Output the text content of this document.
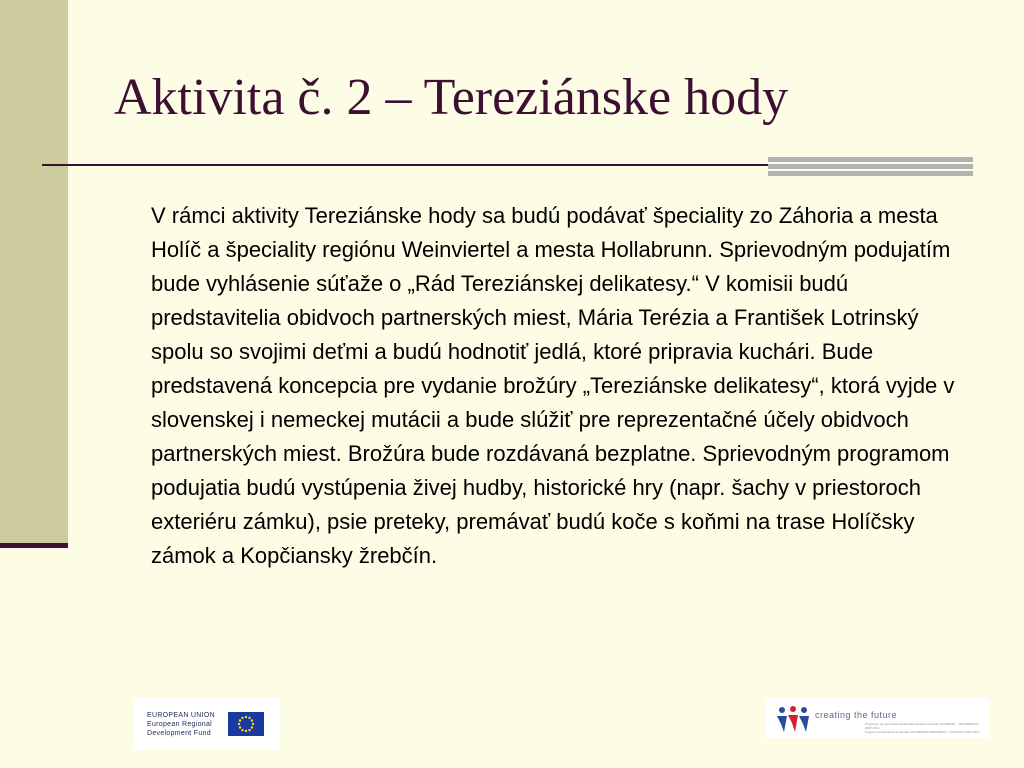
Aktivita č. 2 – Tereziánske hody

V rámci aktivity Tereziánske hody sa budú podávať špeciality zo Záhoria a mesta Holíč a špeciality regiónu Weinviertel a mesta Hollabrunn. Sprievodným podujatím bude vyhlásenie súťaže o „Rád Tereziánskej delikatesy.“ V komisii budú predstavitelia obidvoch partnerských miest, Mária Terézia a František Lotrinský spolu so svojimi deťmi a budú hodnotiť jedlá, ktoré pripravia kuchári. Bude predstavená koncepcia pre vydanie brožúry „Tereziánske delikatesy“, ktorá vyjde v slovenskej i nemeckej mutácii a bude slúžiť pre reprezentačné účely obidvoch partnerských miest. Brožúra bude rozdávaná bezplatne. Sprievodným programom podujatia budú vystúpenia živej hudby, historické hry (napr. šachy v priestoroch exteriéru zámku), psie preteky, premávať budú koče s koňmi na trase Holíčsky zámok a Kopčiansky žrebčín.

EUROPEAN UNION
European Regional
Development Fund
creating the future
Programm zur grenzüberschreitenden Zusammenarbeit SLOWAKEI – ÖSTERREICH 2007-2013
Program cezhraničnej spolupráce SLOVENSKÁ REPUBLIKA – RAKÚSKO 2007-2013
